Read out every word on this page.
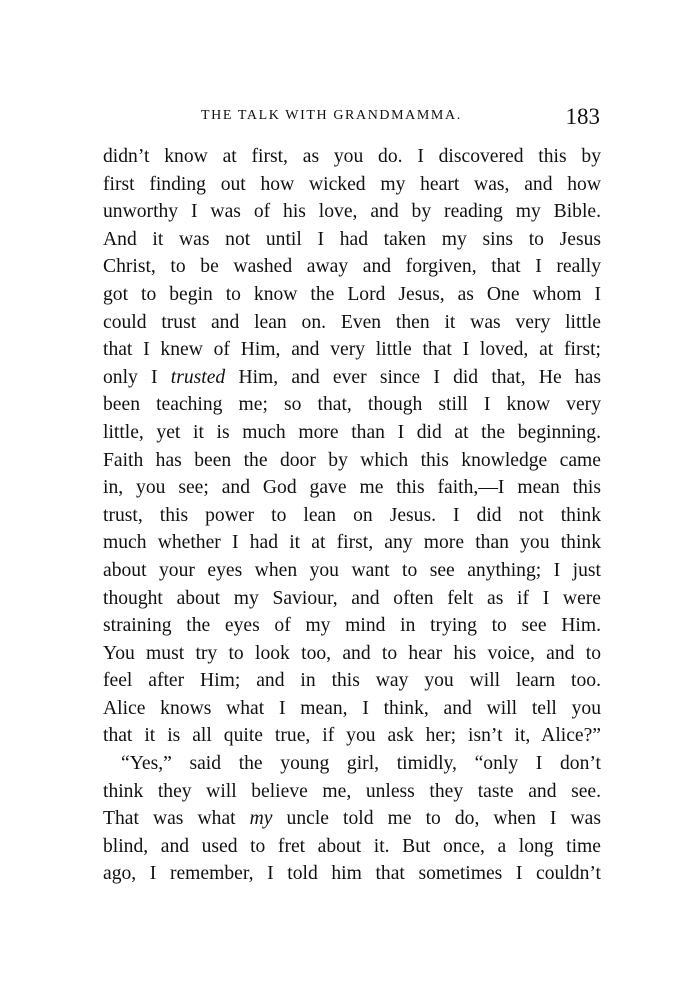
THE TALK WITH GRANDMAMMA.	183
didn’t know at first, as you do. I discovered this by
first finding out how wicked my heart was, and how
unworthy I was of his love, and by reading my Bible.
And it was not until I had taken my sins to Jesus
Christ, to be washed away and forgiven, that I really
got to begin to know the Lord Jesus, as One whom I
could trust and lean on. Even then it was very little
that I knew of Him, and very little that I loved, at first;
only I trusted Him, and ever since I did that, He has
been teaching me; so that, though still I know very
little, yet it is much more than I did at the beginning.
Faith has been the door by which this knowledge came
in, you see; and God gave me this faith,—I mean this
trust, this power to lean on Jesus. I did not think
much whether I had it at first, any more than you think
about your eyes when you want to see anything; I just
thought about my Saviour, and often felt as if I were
straining the eyes of my mind in trying to see Him.
You must try to look too, and to hear his voice, and to
feel after Him; and in this way you will learn too.
Alice knows what I mean, I think, and will tell you
that it is all quite true, if you ask her; isn’t it, Alice?”
“Yes,” said the young girl, timidly, “only I don’t
think they will believe me, unless they taste and see.
That was what my uncle told me to do, when I was
blind, and used to fret about it. But once, a long time
ago, I remember, I told him that sometimes I couldn’t
